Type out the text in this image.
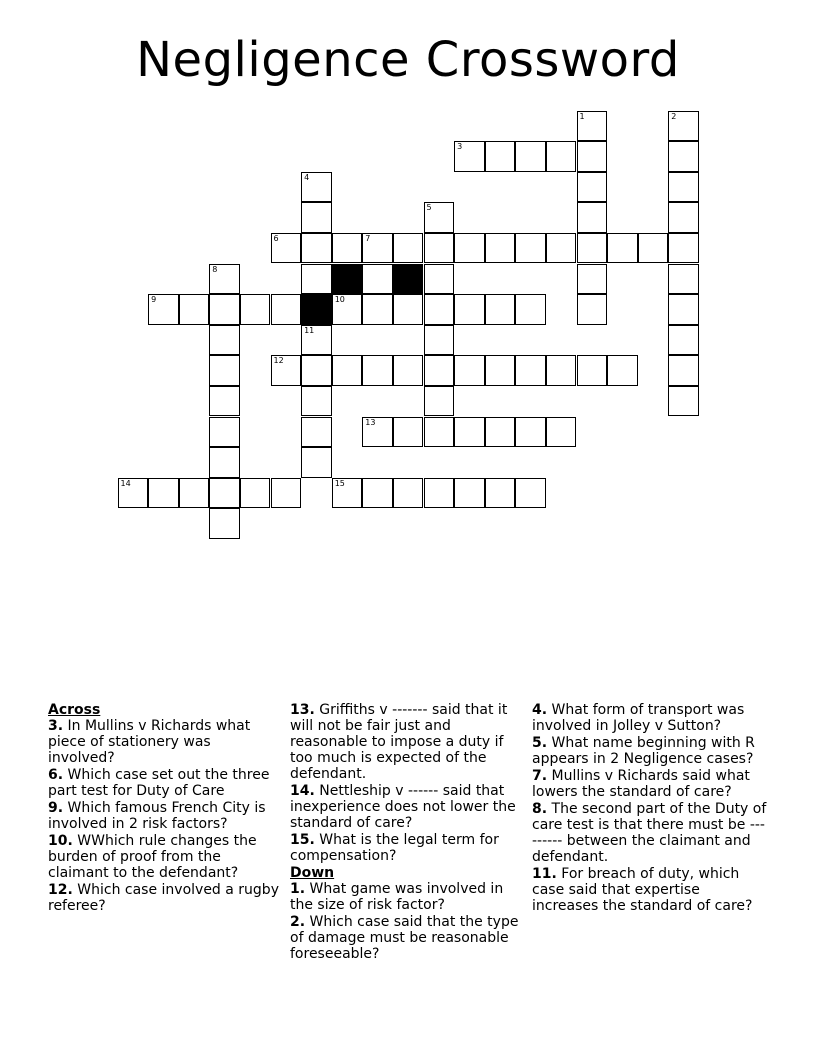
Negligence Crossword
1	2
3
4
11
5
6	7
8
9	10
12
13
14	15
Across
3. In Mullins v Richards what piece of stationery was involved?
6. Which case set out the three part test for Duty of Care
9. Which famous French City is involved in 2 risk factors?
10. WWhich rule changes the burden of proof from the claimant to the defendant?
12. Which case involved a rugby referee?
13. Griffiths v ------- said that it will not be fair just and reasonable to impose a duty if too much is expected of the defendant.
14. Nettleship v ------ said that inexperience does not lower the standard of care?
15. What is the legal term for compensation?
Down
1. What game was involved in the size of risk factor?
2. Which case said that the type of damage must be reasonable foreseeable?
4. What form of transport was involved in Jolley v Sutton?
5. What name beginning with R appears in 2 Negligence cases?
7. Mullins v Richards said what lowers the standard of care?
8. The second part of the Duty of care test is that there must be --------- between the claimant and defendant.
11. For breach of duty, which case said that expertise increases the standard of care?
